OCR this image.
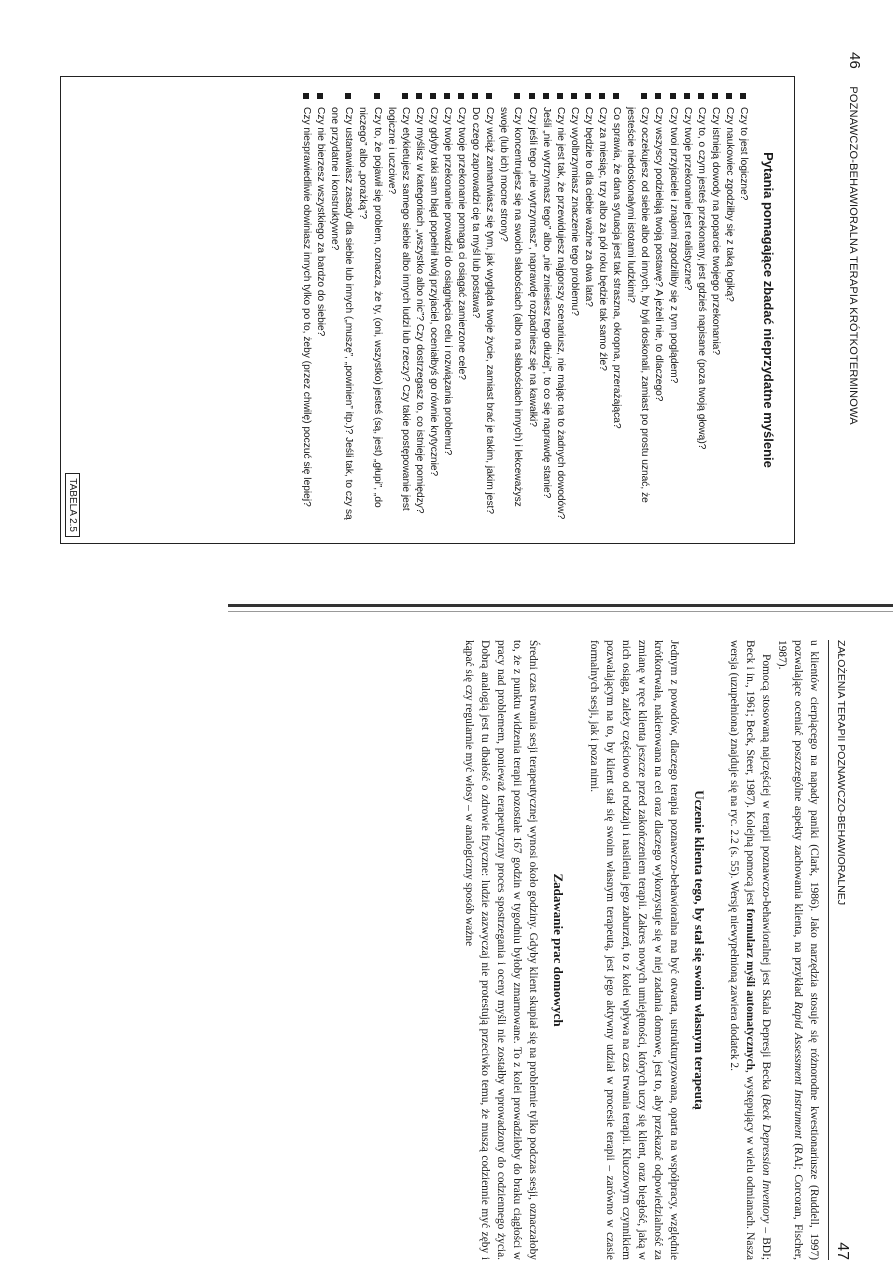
46 POZNAWCZO-BEHAWIORALNA TERAPIA KRÓTKOTERMINOWA
Pytania pomagające zbadać nieprzydatne myślenie
Czy to jest logiczne?
Czy naukowiec zgodziłby się z taką logiką?
Czy istnieją dowody na poparcie twojego przekonania?
Czy to, o czym jesteś przekonany, jest gdzieś napisane (poza twoją głową)?
Czy twoje przekonanie jest realistyczne?
Czy twoi przyjaciele i znajomi zgodziliby się z tym poglądem?
Czy wszyscy podzielają twoją postawę? A jeżeli nie, to dlaczego?
Czy oczekujesz od siebie albo od innych, by byli doskonali, zamiast po prostu uznać, że jesteście niedoskonałymi istotami ludzkimi?
Co sprawia, że dana sytuacja jest tak straszna, okropna, przerażająca?
Czy za miesiąc, trzy albo za pół roku będzie tak samo źle?
Czy będzie to dla ciebie ważne za dwa lata?
Czy wyolbrzymiasz znaczenie tego problemu?
Czy nie jest tak, że przewidujesz najgorszy scenariusz, nie mając na to żadnych dowodów?
Jeśli „nie wytrzymasz tego” albo „nie zniesiesz tego dłużej”, to co się naprawdę stanie?
Czy jeśli tego „nie wytrzymasz”, naprawdę rozpadniesz się na kawałki?
Czy koncentrujesz się na swoich słabościach (albo na słabościach innych) i lekceważysz swoje (lub ich) mocne strony?
Czy wciąż zamartwiasz się tym, jak wygląda twoje życie, zamiast brać je takim, jakim jest?
Do czego zaprowadzi cię ta myśl lub postawa?
Czy twoje przekonanie pomaga ci osiągać zamierzone cele?
Czy twoje przekonanie prowadzi do osiągnięcia celu i rozwiązania problemu?
Czy gdyby taki sam błąd popełnił twój przyjaciel, oceniałbyś go równie krytycznie?
Czy myślisz w kategoriach „wszystko albo nic”? Czy dostrzegasz to, co istnieje pomiędzy?
Czy etykietujesz samego siebie albo innych ludzi lub rzeczy? Czy takie postępowanie jest logiczne i uczciwe?
Czy to, że pojawił się problem, oznacza, że ty, (oni, wszystko) jesteś (są, jest) „głupi”, „do niczego” albo „porażką”?
Czy ustanawiasz zasady dla siebie lub innych („muszę”, „powinien” itp.)? Jeśli tak, to czy są one przydatne i konstruktywne?
Czy nie bierzesz wszystkiego za bardzo do siebie?
Czy niesprawiedliwie obwiniasz innych tylko po to, żeby (przez chwilę) poczuć się lepiej?
TABELA 2.5
ZAŁOŻENIA TERAPII POZNAWCZO-BEHAWIORALNEJ
47

u klientów cierpiącego na napady paniki (Clark, 1986). Jako narzędzia stosuje się różnorodne kwestionariusze (Ruddell, 1997) pozwalające oceniać poszczególne aspekty zachowania klienta, na przykład Rapid Assessment Instrument (RAI; Corcoran, Fischer, 1987).

Pomocą stosowaną najczęściej w terapii poznawczo-behawioralnej jest Skala Depresji Becka (Beck Depression Inventory – BDI; Beck i in., 1961; Beck, Steer, 1987). Kolejną pomocą jest formularz myśli automatycznych, występujący w wielu odmianach. Nasza wersja (uzupełniona) znajduje się na ryc. 2.2 (s. 55). Wersję niewypełnioną zawiera dodatek 2.

Uczenie klienta tego, by stał się swoim własnym terapeutą

Jednym z powodów, dlaczego terapia poznawczo-behawioralna ma być otwarta, ustrukturyzowana, oparta na współpracy, względnie krótkotrwała, nakierowana na cel oraz dlaczego wykorzystuje się w niej zadania domowe, jest to, aby przekazać odpowiedzialność za zmianę w ręce klienta jeszcze przed zakończeniem terapii. Zakres nowych umiejętności, których uczy się klient, oraz biegłość, jaką w nich osiąga, zależy częściowo od rodzaju i nasilenia jego zaburzeń, to z kolei wpływa na czas trwania terapii. Kluczowym czynnikiem pozwalającym na to, by klient stał się swoim własnym terapeutą, jest jego aktywny udział w procesie terapii – zarówno w czasie formalnych sesji, jak i poza nimi.

Zadawanie prac domowych

Średni czas trwania sesji terapeutycznej wynosi około godziny. Gdyby klient skupiał się na problemie tylko podczas sesji, oznaczałoby to, że z punktu widzenia terapii pozostałe 167 godzin w tygodniu byłoby zmarnowane. To z kolei prowadziłoby do braku ciągłości w pracy nad problemem, ponieważ terapeutyczny proces spostrzegania i oceny myśli nie zostałby wprowadzony do codziennego życia. Dobrą analogią jest tu dbałość o zdrowie fizyczne: ludzie zazwyczaj nie protestują przeciwko temu, że muszą codziennie myć zęby i kąpać się czy regularnie myć włosy – w analogiczny sposób ważne
